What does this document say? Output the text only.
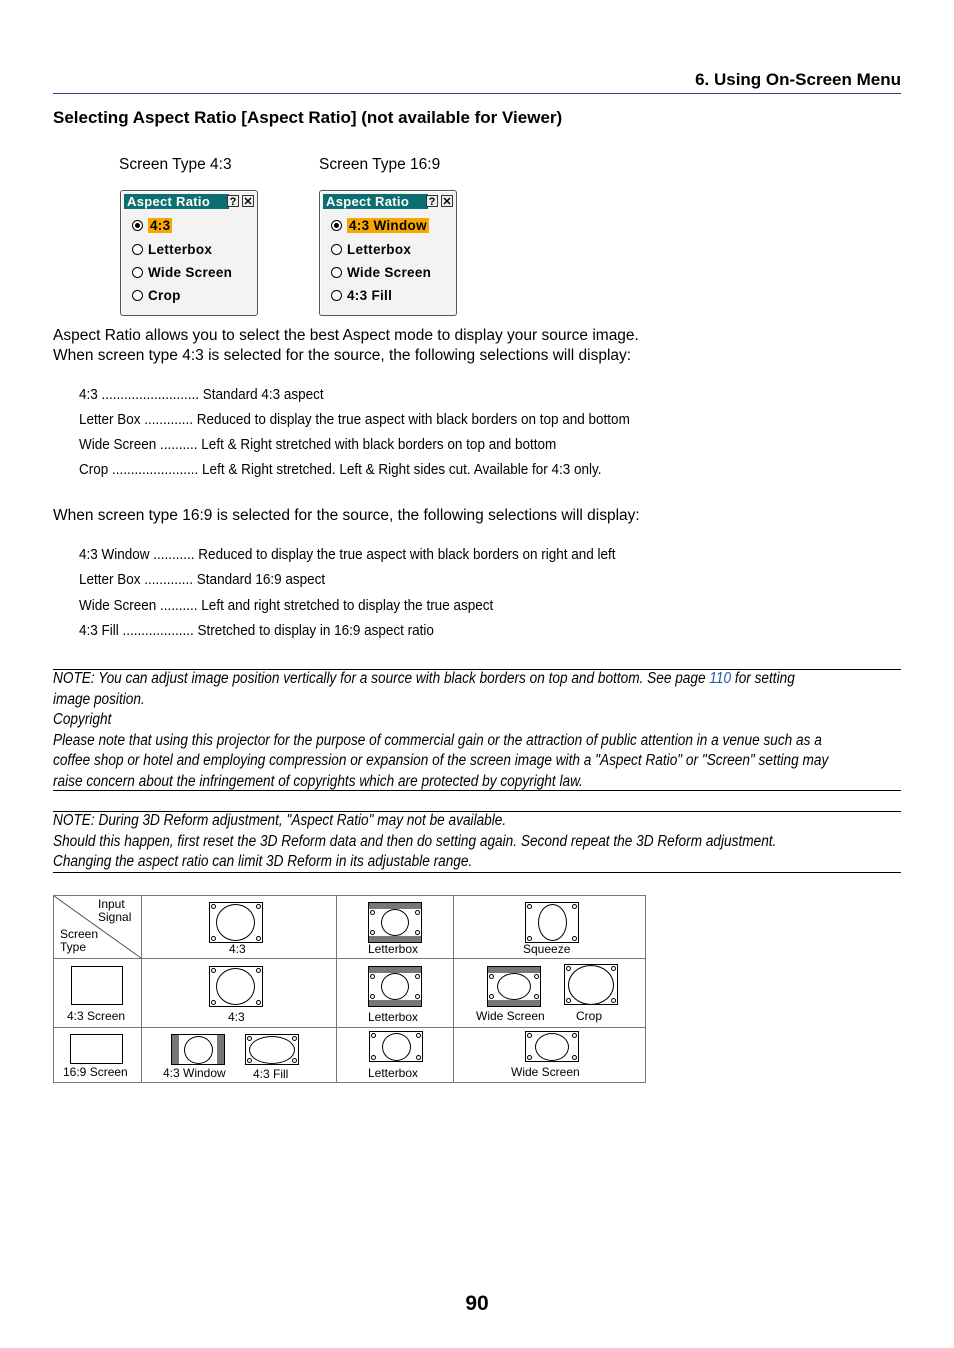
6. Using On-Screen Menu
Selecting Aspect Ratio [Aspect Ratio] (not available for Viewer)
Screen Type 4:3	Screen Type 16:9
Aspect Ratio	? ✕
4:3
Letterbox
Wide Screen
Crop
Aspect Ratio	? ✕
4:3 Window
Letterbox
Wide Screen
4:3 Fill
Aspect Ratio allows you to select the best Aspect mode to display your source image.
When screen type 4:3 is selected for the source, the following selections will display:
4:3 .......................... Standard 4:3 aspect
Letter Box ............. Reduced to display the true aspect with black borders on top and bottom
Wide Screen .......... Left & Right stretched with black borders on top and bottom
Crop ....................... Left & Right stretched. Left & Right sides cut. Available for 4:3 only.
When screen type 16:9 is selected for the source, the following selections will display:
4:3 Window ........... Reduced to display the true aspect with black borders on right and left
Letter Box ............. Standard 16:9 aspect
Wide Screen .......... Left and right stretched to display the true aspect
4:3 Fill ................... Stretched to display in 16:9 aspect ratio
NOTE: You can adjust image position vertically for a source with black borders on top and bottom. See page 110 for setting
image position.
Copyright
Please note that using this projector for the purpose of commercial gain or the attraction of public attention in a venue such as a
coffee shop or hotel and employing compression or expansion of the screen image with a "Aspect Ratio" or "Screen" setting may
raise concern about the infringement of copyrights which are protected by copyright law.
NOTE: During 3D Reform adjustment, "Aspect Ratio" may not be available.
Should this happen, first reset the 3D Reform data and then do setting again. Second repeat the 3D Reform adjustment.
Changing the aspect ratio can limit 3D Reform in its adjustable range.
Input
Signal
Screen
Type	4:3	Letterbox	Squeeze
4:3 Screen	4:3	Letterbox	Wide Screen	Crop
16:9 Screen	4:3 Window 4:3 Fill	Letterbox	Wide Screen
90
